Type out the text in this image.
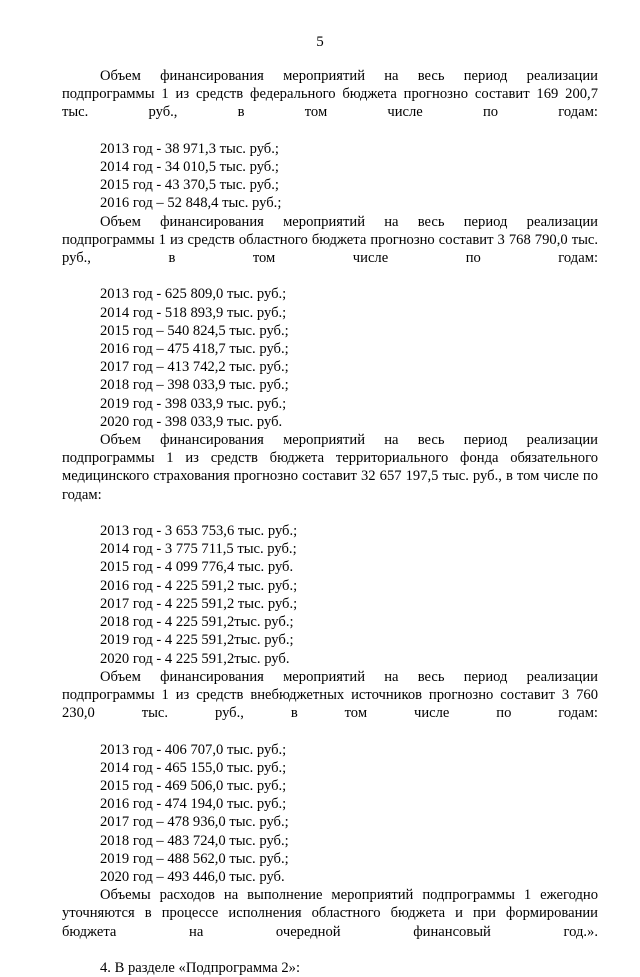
5

Объем финансирования мероприятий на весь период реализации подпрограммы 1 из средств федерального бюджета прогнозно составит 169 200,7 тыс. руб., в том числе по годам:

2013 год - 38 971,3 тыс. руб.;
2014 год - 34 010,5 тыс. руб.;
2015 год - 43 370,5 тыс. руб.;
2016 год – 52 848,4 тыс. руб.;

Объем финансирования мероприятий на весь период реализации подпрограммы 1 из средств областного бюджета прогнозно составит 3 768 790,0 тыс. руб., в том числе по годам:

2013 год - 625 809,0 тыс. руб.;
2014 год - 518 893,9 тыс. руб.;
2015 год – 540 824,5 тыс. руб.;
2016 год – 475 418,7 тыс. руб.;
2017 год – 413 742,2 тыс. руб.;
2018 год – 398 033,9 тыс. руб.;
2019 год - 398 033,9 тыс. руб.;
2020 год - 398 033,9 тыс. руб.

Объем финансирования мероприятий на весь период реализации подпрограммы 1 из средств бюджета территориального фонда обязательного медицинского страхования прогнозно составит 32 657 197,5 тыс. руб., в том числе по годам:

2013 год - 3 653 753,6 тыс. руб.;
2014 год - 3 775 711,5 тыс. руб.;
2015 год - 4 099 776,4 тыс. руб.
2016 год - 4 225 591,2 тыс. руб.;
2017 год - 4 225 591,2 тыс. руб.;
2018 год - 4 225 591,2тыс. руб.;
2019 год - 4 225 591,2тыс. руб.;
2020 год - 4 225 591,2тыс. руб.

Объем финансирования мероприятий на весь период реализации подпрограммы 1 из средств внебюджетных источников прогнозно составит 3 760 230,0 тыс. руб., в том числе по годам:

2013 год - 406 707,0 тыс. руб.;
2014 год - 465 155,0 тыс. руб.;
2015 год - 469 506,0 тыс. руб.;
2016 год - 474 194,0 тыс. руб.;
2017 год – 478 936,0 тыс. руб.;
2018 год – 483 724,0 тыс. руб.;
2019 год – 488 562,0 тыс. руб.;
2020 год – 493 446,0 тыс. руб.

Объемы расходов на выполнение мероприятий подпрограммы 1 ежегодно уточняются в процессе исполнения областного бюджета и при формировании бюджета на очередной финансовый год.».

4. В разделе «Подпрограмма 2»:
